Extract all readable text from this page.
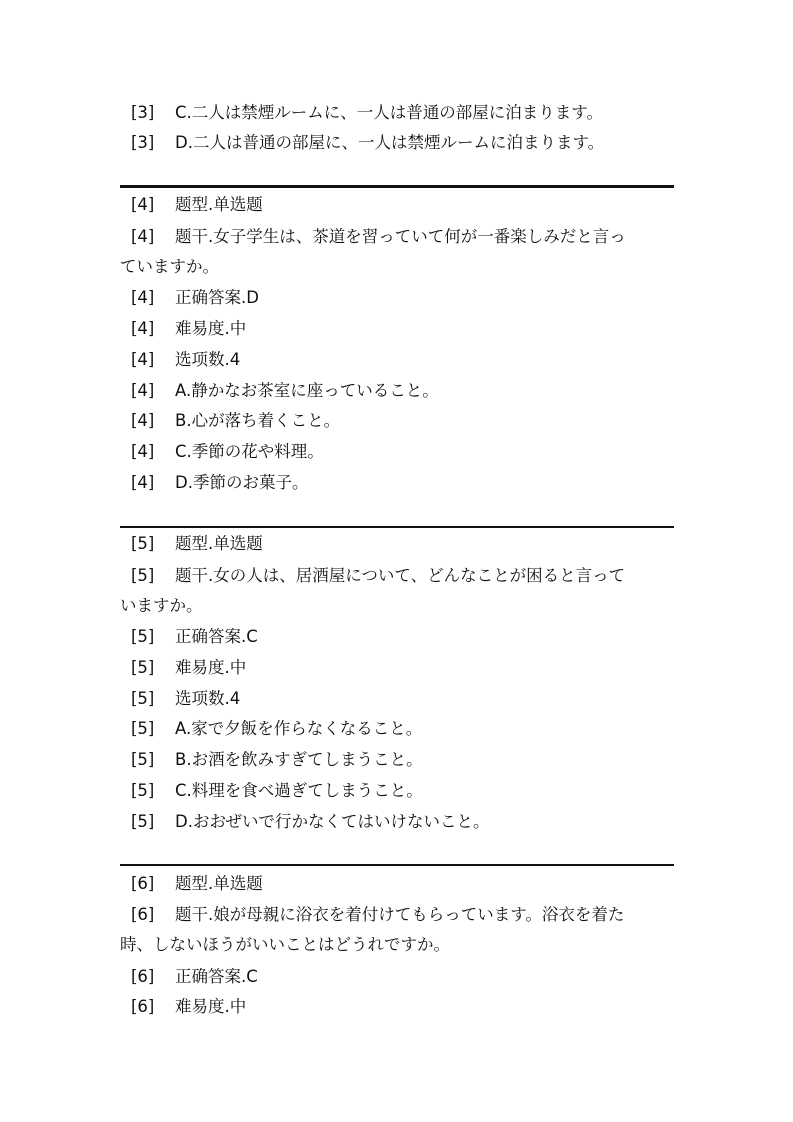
[3] C.二人は禁煙ルームに、一人は普通の部屋に泊まります。
[3] D.二人は普通の部屋に、一人は禁煙ルームに泊まります。
[4] 题型.单选题
[4] 题干.女子学生は、茶道を習っていて何が一番楽しみだと言っ
ていますか。
[4] 正确答案.D
[4] 难易度.中
[4] 选项数.4
[4] A.静かなお茶室に座っていること。
[4] B.心が落ち着くこと。
[4] C.季節の花や料理。
[4] D.季節のお菓子。
[5] 题型.单选题
[5] 题干.女の人は、居酒屋について、どんなことが困ると言って
いますか。
[5] 正确答案.C
[5] 难易度.中
[5] 选项数.4
[5] A.家で夕飯を作らなくなること。
[5] B.お酒を飲みすぎてしまうこと。
[5] C.料理を食べ過ぎてしまうこと。
[5] D.おおぜいで行かなくてはいけないこと。
[6] 题型.单选题
[6] 题干.娘が母親に浴衣を着付けてもらっています。浴衣を着た
時、しないほうがいいことはどうれですか。
[6] 正确答案.C
[6] 难易度.中
